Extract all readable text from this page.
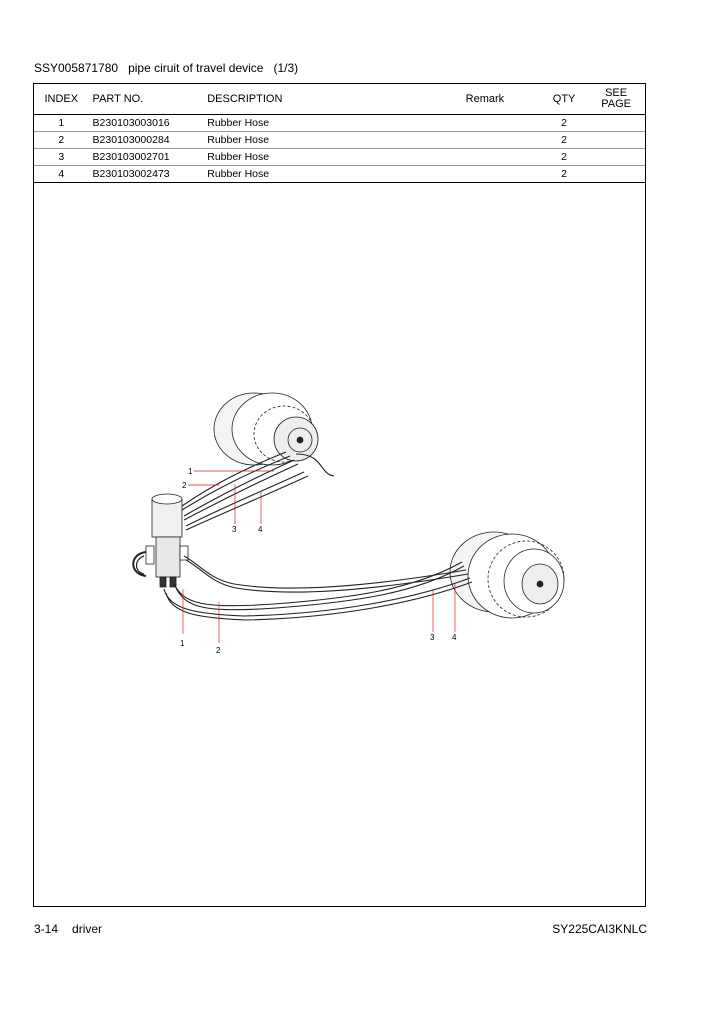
SSY005871780 pipe ciruit of travel device (1/3)
INDEX	PART NO.	DESCRIPTION	Remark	QTY	SEE
PAGE
1	B230103003016	Rubber Hose		2	
2	B230103000284	Rubber Hose		2	
3	B230103002701	Rubber Hose		2	
4	B230103002473	Rubber Hose		2	
1
2
3	4
1
2
3 4
3-14 driver	SY225CAI3KNLC
